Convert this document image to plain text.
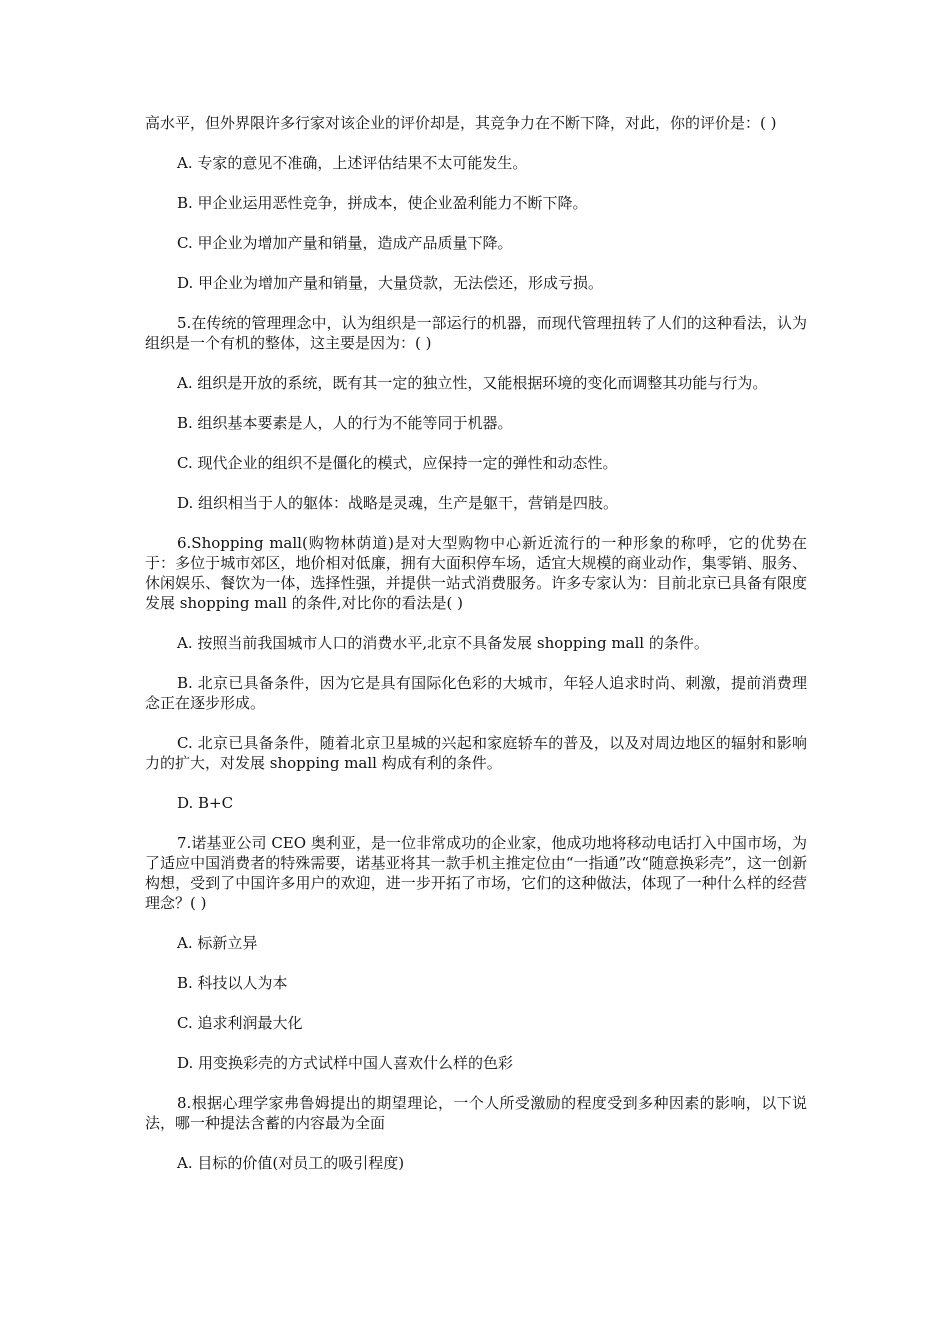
高水平，但外界限许多行家对该企业的评价却是，其竞争力在不断下降，对此，你的评价是：( )

A. 专家的意见不准确，上述评估结果不太可能发生。

B. 甲企业运用恶性竞争，拼成本，使企业盈利能力不断下降。

C. 甲企业为增加产量和销量，造成产品质量下降。

D. 甲企业为增加产量和销量，大量贷款，无法偿还，形成亏损。

5.在传统的管理理念中，认为组织是一部运行的机器，而现代管理扭转了人们的这种看法，认为组织是一个有机的整体，这主要是因为：( )

A. 组织是开放的系统，既有其一定的独立性，又能根据环境的变化而调整其功能与行为。

B. 组织基本要素是人，人的行为不能等同于机器。

C. 现代企业的组织不是僵化的模式，应保持一定的弹性和动态性。

D. 组织相当于人的躯体：战略是灵魂，生产是躯干，营销是四肢。

6.Shopping mall(购物林荫道)是对大型购物中心新近流行的一种形象的称呼，它的优势在于：多位于城市郊区，地价相对低廉，拥有大面积停车场，适宜大规模的商业动作，集零销、服务、休闲娱乐、餐饮为一体，选择性强，并提供一站式消费服务。许多专家认为：目前北京已具备有限度发展 shopping mall 的条件,对比你的看法是( )

A. 按照当前我国城市人口的消费水平,北京不具备发展 shopping mall 的条件。

B. 北京已具备条件，因为它是具有国际化色彩的大城市，年轻人追求时尚、刺激，提前消费理念正在逐步形成。

C. 北京已具备条件，随着北京卫星城的兴起和家庭轿车的普及，以及对周边地区的辐射和影响力的扩大，对发展 shopping mall 构成有利的条件。

D. B+C

7.诺基亚公司 CEO 奥利亚，是一位非常成功的企业家，他成功地将移动电话打入中国市场，为了适应中国消费者的特殊需要，诺基亚将其一款手机主推定位由“一指通”改“随意换彩壳”，这一创新构想，受到了中国许多用户的欢迎，进一步开拓了市场，它们的这种做法，体现了一种什么样的经营理念？( )

A. 标新立异

B. 科技以人为本

C. 追求利润最大化

D. 用变换彩壳的方式试样中国人喜欢什么样的色彩

8.根据心理学家弗鲁姆提出的期望理论，一个人所受激励的程度受到多种因素的影响，以下说法，哪一种提法含蓄的内容最为全面

A. 目标的价值(对员工的吸引程度)
